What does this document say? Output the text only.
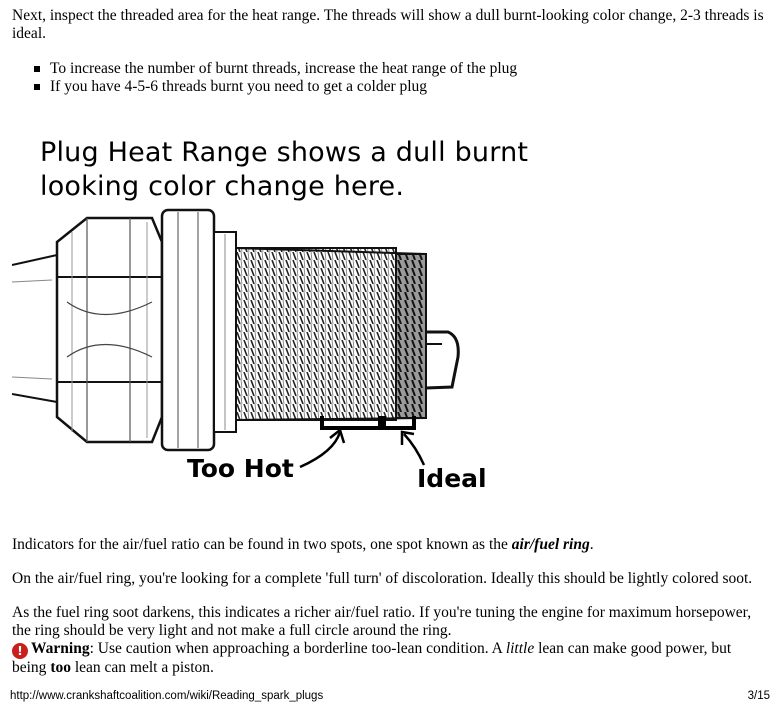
Next, inspect the threaded area for the heat range. The threads will show a dull burnt-looking color change, 2-3 threads is ideal.

To increase the number of burnt threads, increase the heat range of the plug
If you have 4-5-6 threads burnt you need to get a colder plug
Plug Heat Range shows a dull burnt
looking color change here.
Too Hot	Ideal

Indicators for the air/fuel ratio can be found in two spots, one spot known as the air/fuel ring.

On the air/fuel ring, you're looking for a complete 'full turn' of discoloration. Ideally this should be lightly colored soot.

As the fuel ring soot darkens, this indicates a richer air/fuel ratio. If you're tuning the engine for maximum horsepower, the ring should be very light and not make a full circle around the ring.

! Warning: Use caution when approaching a borderline too-lean condition. A little lean can make good power, but being too lean can melt a piston.

http://www.crankshaftcoalition.com/wiki/Reading_spark_plugs	3/15
